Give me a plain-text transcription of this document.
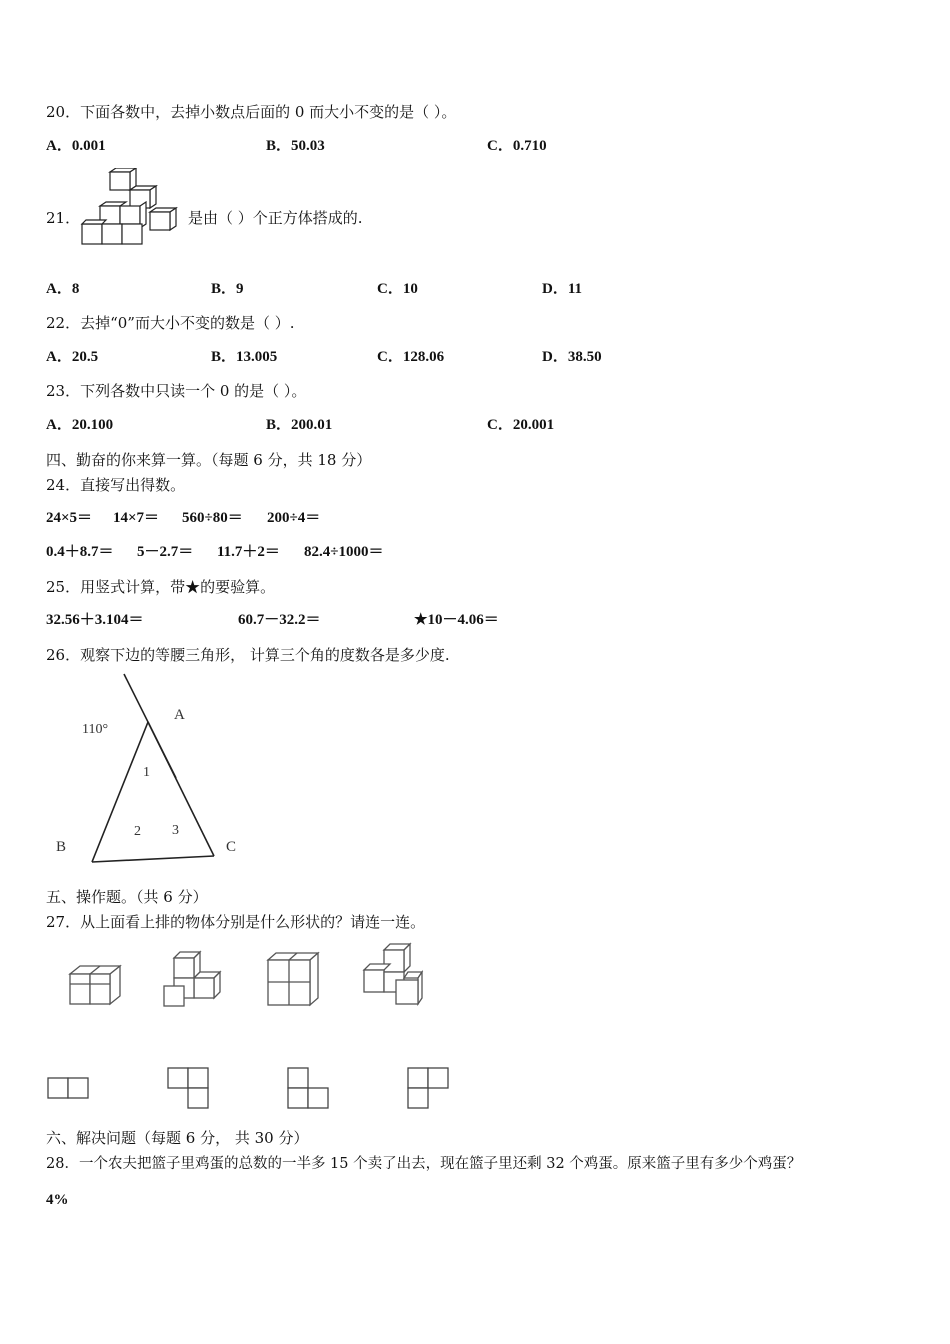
20．下面各数中，去掉小数点后面的 0 而大小不变的是（ ）。
A．0.001	B．50.03	C．0.710
21．	是由（ ）个正方体搭成的.
A．8	B．9	C．10	D．11
22．去掉“0”而大小不变的数是（ ）.
A．20.5	B．13.005	C．128.06	D．38.50
23．下列各数中只读一个 0 的是（ ）。
A．20.100	B．200.01	C．20.001
四、勤奋的你来算一算。（每题 6 分，共 18 分）
24．直接写出得数。
24×5＝ 14×7＝ 560÷80＝ 200÷4＝
0.4＋8.7＝ 5－2.7＝ 11.7＋2＝ 82.4÷1000＝
25．用竖式计算，带★的要验算。
32.56＋3.104＝	60.7－32.2＝	★10－4.06＝
26．观察下边的等腰三角形， 计算三个角的度数各是多少度.
110°
A
B	C
1
2 3
五、操作题。（共 6 分）
27．从上面看上排的物体分别是什么形状的？请连一连。
六、解决问题（每题 6 分， 共 30 分）
28．一个农夫把篮子里鸡蛋的总数的一半多 15 个卖了出去，现在篮子里还剩 32 个鸡蛋。原来篮子里有多少个鸡蛋？
4%
